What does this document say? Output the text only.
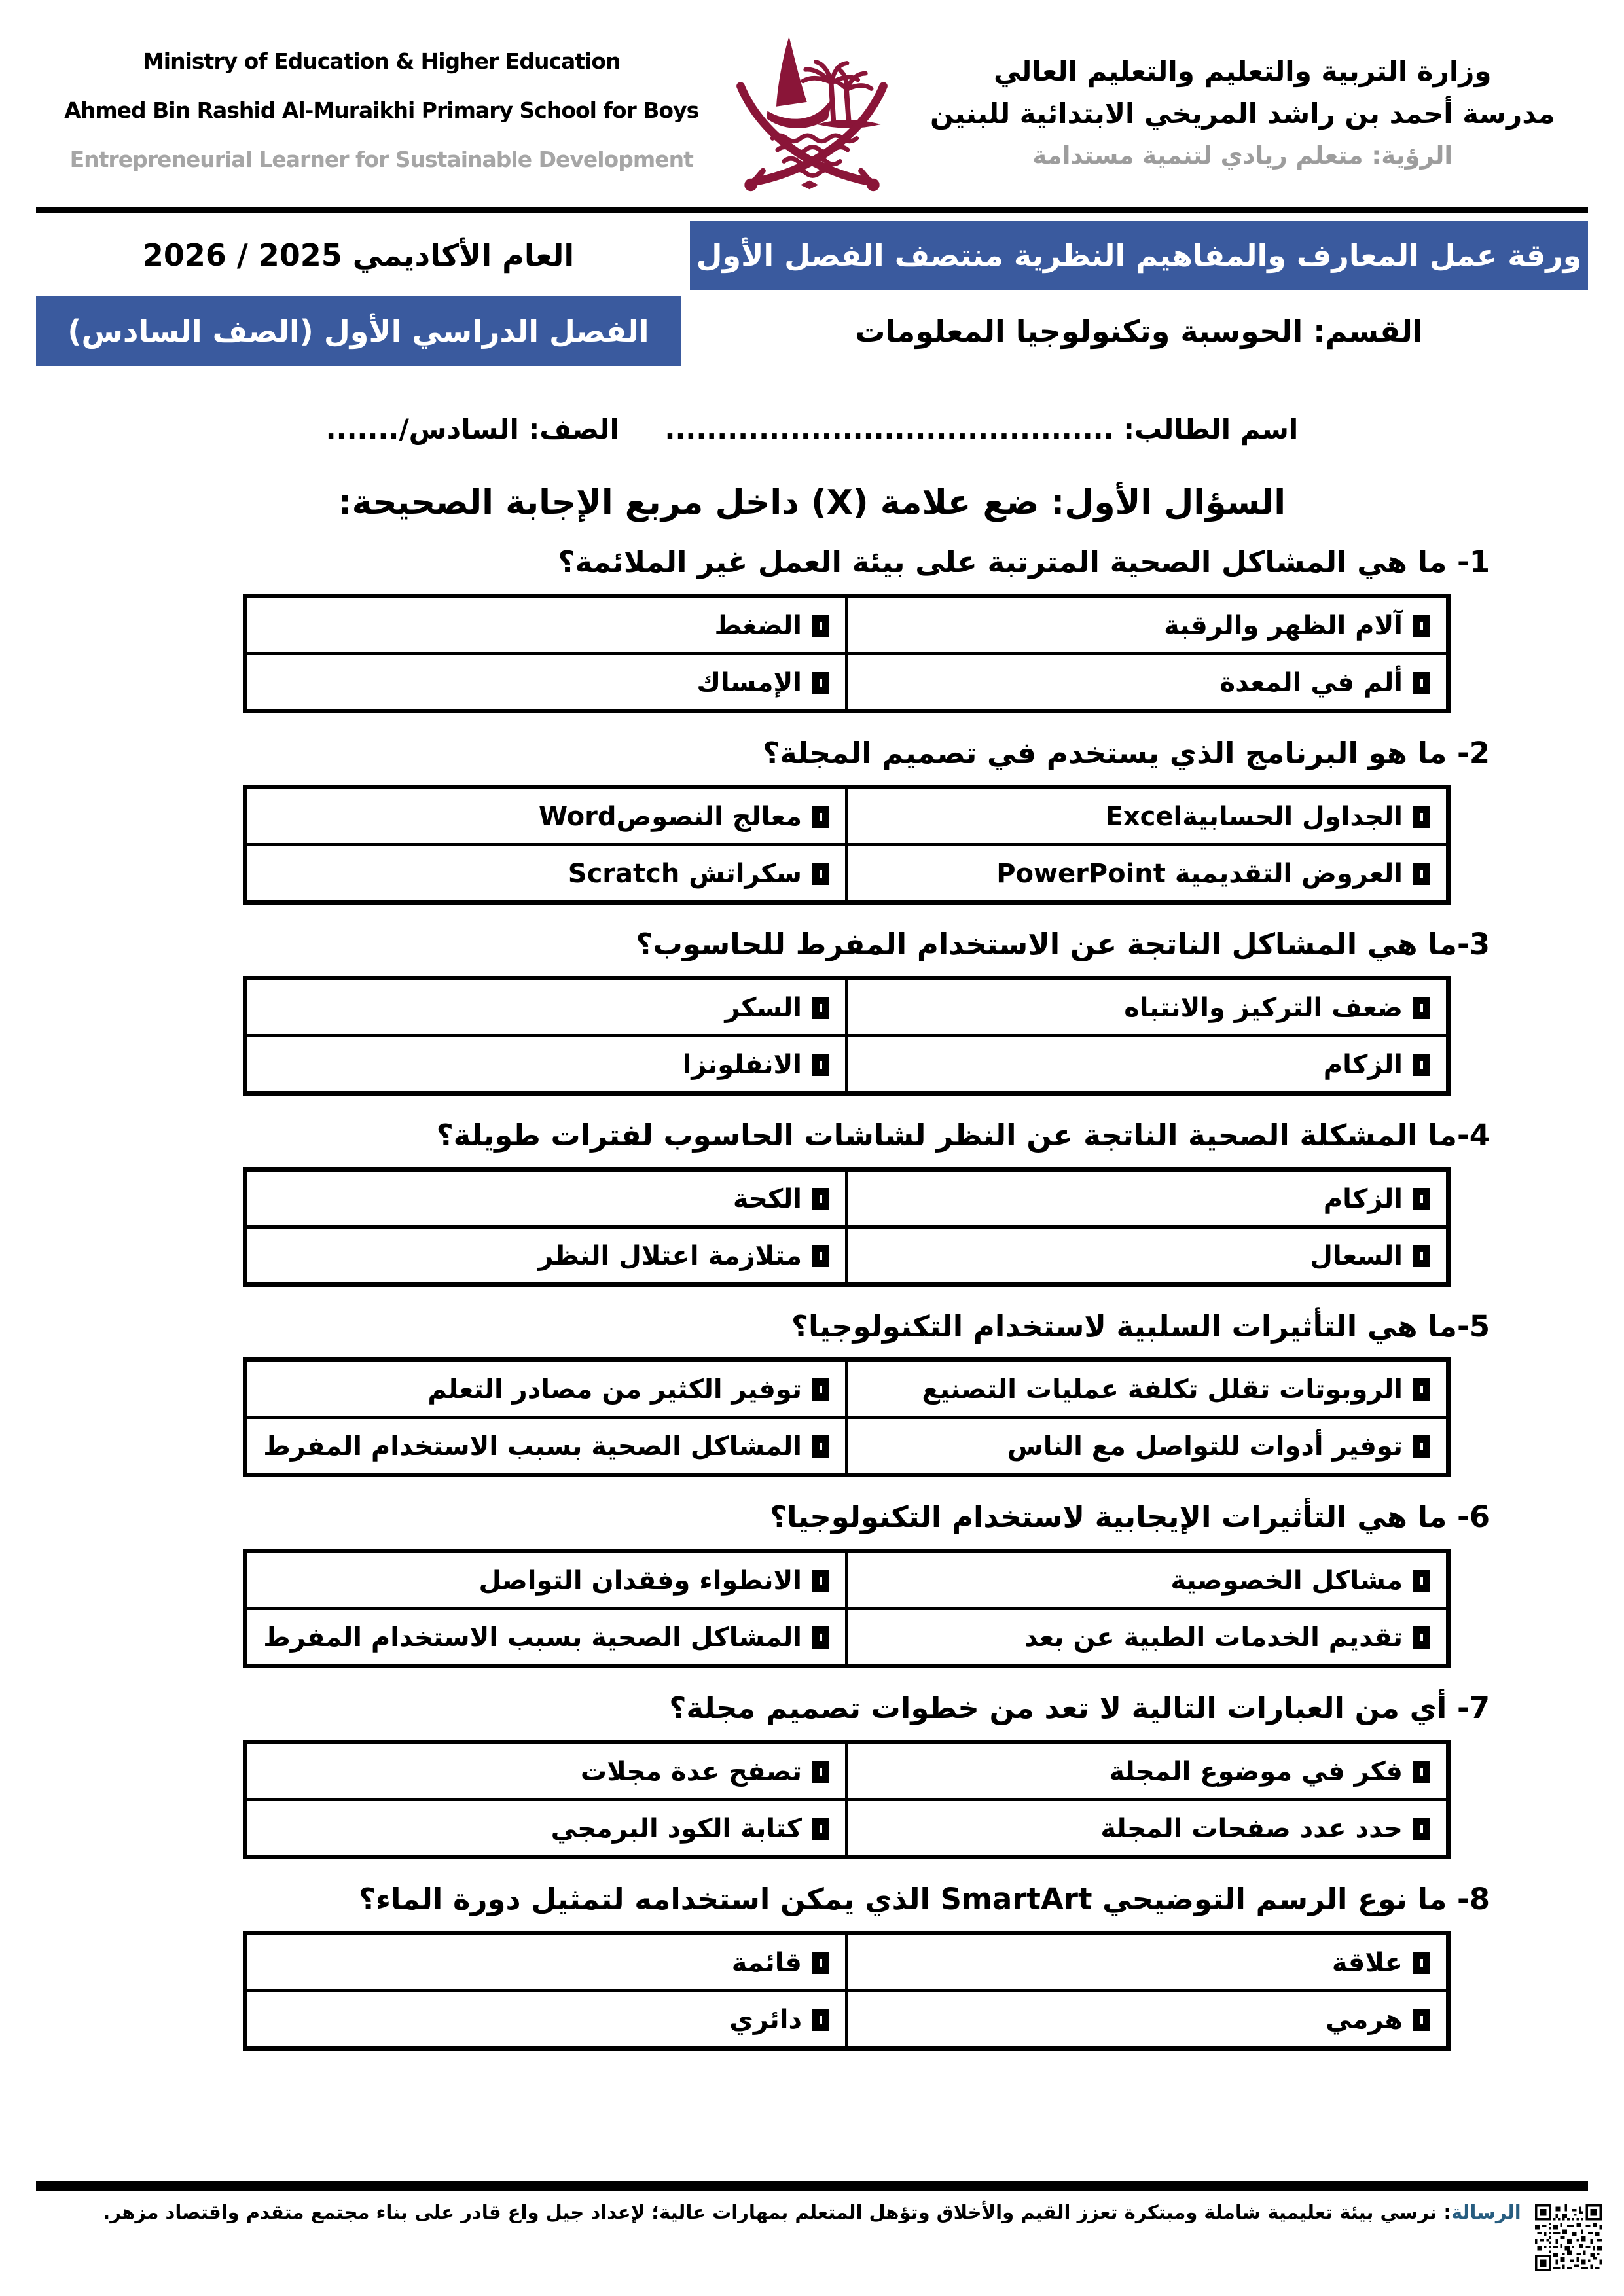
Ministry of Education & Higher Education
Ahmed Bin Rashid Al-Muraikhi Primary School for Boys
Entrepreneurial Learner for Sustainable Development
وزارة التربية والتعليم والتعليم العالي
مدرسة أحمد بن راشد المريخي الابتدائية للبنين
الرؤية: متعلم ريادي لتنمية مستدامة
العام الأكاديمي 2025 / 2026	ورقة عمل المعارف والمفاهيم النظرية منتصف الفصل الأول
الفصل الدراسي الأول (الصف السادس)	القسم: الحوسبة وتكنولوجيا المعلومات
اسم الطالب: ........................................... الصف: السادس/.......
السؤال الأول: ضع علامة (X) داخل مربع الإجابة الصحيحة:
1- ما هي المشاكل الصحية المترتبة على بيئة العمل غير الملائمة؟
آلام الظهر والرقبة	الضغط
ألم في المعدة	الإمساك
2- ما هو البرنامج الذي يستخدم في تصميم المجلة؟
الجداول الحسابيةExcel	معالج النصوصWord
العروض التقديمية PowerPoint	سكراتش Scratch
3-ما هي المشاكل الناتجة عن الاستخدام المفرط للحاسوب؟
ضعف التركيز والانتباه	السكر
الزكام	الانفلونزا
4-ما المشكلة الصحية الناتجة عن النظر لشاشات الحاسوب لفترات طويلة؟
الزكام	الكحة
السعال	متلازمة اعتلال النظر
5-ما هي التأثيرات السلبية لاستخدام التكنولوجيا؟
الروبوتات تقلل تكلفة عمليات التصنيع	توفير الكثير من مصادر التعلم
توفير أدوات للتواصل مع الناس	المشاكل الصحية بسبب الاستخدام المفرط
6- ما هي التأثيرات الإيجابية لاستخدام التكنولوجيا؟
مشاكل الخصوصية	الانطواء وفقدان التواصل
تقديم الخدمات الطبية عن بعد	المشاكل الصحية بسبب الاستخدام المفرط
7- أي من العبارات التالية لا تعد من خطوات تصميم مجلة؟
فكر في موضوع المجلة	تصفح عدة مجلات
حدد عدد صفحات المجلة	كتابة الكود البرمجي
8- ما نوع الرسم التوضيحي SmartArt الذي يمكن استخدامه لتمثيل دورة الماء؟
علاقة	قائمة
هرمي	دائري
الرسالة: نرسي بيئة تعليمية شاملة ومبتكرة تعزز القيم والأخلاق وتؤهل المتعلم بمهارات عالية؛ لإعداد جيل واع قادر على بناء مجتمع متقدم واقتصاد مزهر.
